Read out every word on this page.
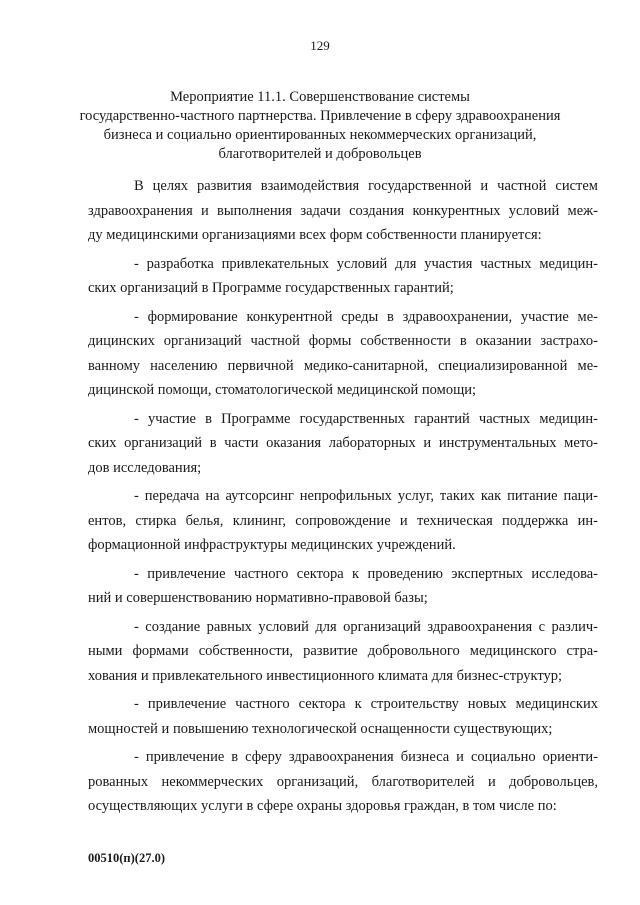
129
Мероприятие 11.1. Совершенствование системы
государственно-частного партнерства. Привлечение в сферу здравоохранения
бизнеса и социально ориентированных некоммерческих организаций,
благотворителей и добровольцев
В целях развития взаимодействия государственной и частной систем
здравоохранения и выполнения задачи создания конкурентных условий меж-
ду медицинскими организациями всех форм собственности планируется:
- разработка привлекательных условий для участия частных медицин-
ских организаций в Программе государственных гарантий;
- формирование конкурентной среды в здравоохранении, участие ме-
дицинских организаций частной формы собственности в оказании застрахо-
ванному населению первичной медико-санитарной, специализированной ме-
дицинской помощи, стоматологической медицинской помощи;
- участие в Программе государственных гарантий частных медицин-
ских организаций в части оказания лабораторных и инструментальных мето-
дов исследования;
- передача на аутсорсинг непрофильных услуг, таких как питание паци-
ентов, стирка белья, клининг, сопровождение и техническая поддержка ин-
формационной инфраструктуры медицинских учреждений.
- привлечение частного сектора к проведению экспертных исследова-
ний и совершенствованию нормативно-правовой базы;
- создание равных условий для организаций здравоохранения с различ-
ными формами собственности, развитие добровольного медицинского стра-
хования и привлекательного инвестиционного климата для бизнес-структур;
- привлечение частного сектора к строительству новых медицинских
мощностей и повышению технологической оснащенности существующих;
- привлечение в сферу здравоохранения бизнеса и социально ориенти-
рованных некоммерческих организаций, благотворителей и добровольцев,
осуществляющих услуги в сфере охраны здоровья граждан, в том числе по:
00510(п)(27.0)
